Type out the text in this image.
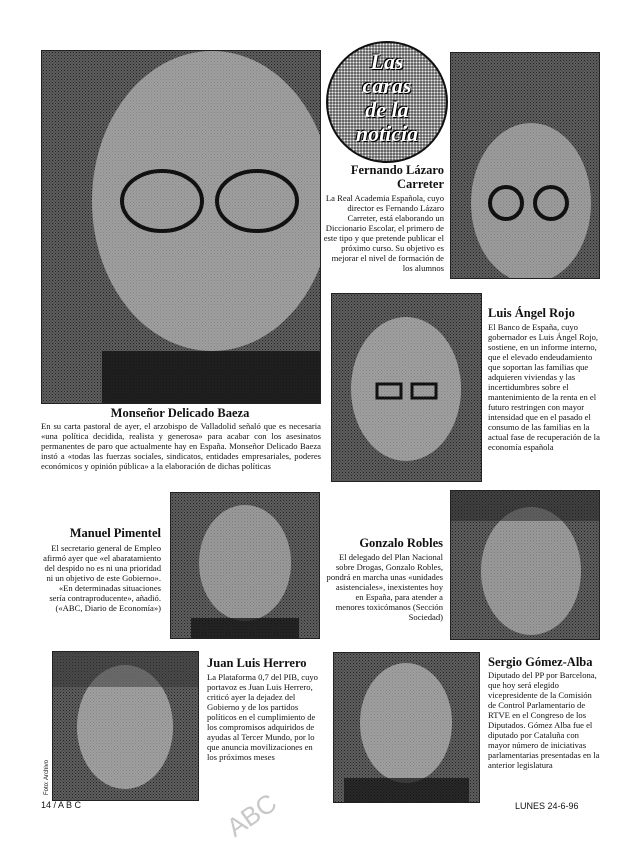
ABC
Monseñor Delicado Baeza

En su carta pastoral de ayer, el arzobispo de Valladolid señaló que es necesaria «una política decidida, realista y generosa» para acabar con los asesinatos permanentes de paro que actualmente hay en España. Monseñor Delicado Baeza instó a «todas las fuerzas sociales, sindicatos, entidades empresariales, poderes económicos y opinión pública» a la elaboración de dichas políticas

Las
caras
de la
noticia
Fernando Lázaro Carreter

La Real Academia Española, cuyo director es Fernando Lázaro Carreter, está elaborando un Diccionario Escolar, el primero de este tipo y que pretende publicar el próximo curso. Su objetivo es mejorar el nivel de formación de los alumnos

Luis Ángel Rojo

El Banco de España, cuyo gobernador es Luis Ángel Rojo, sostiene, en un informe interno, que el elevado endeudamiento que soportan las familias que adquieren viviendas y las incertidumbres sobre el mantenimiento de la renta en el futuro restringen con mayor intensidad que en el pasado el consumo de las familias en la actual fase de recuperación de la economía española

Manuel Pimentel

El secretario general de Empleo afirmó ayer que «el abaratamiento del despido no es ni una prioridad ni un objetivo de este Gobierno». «En determinadas situaciones sería contraproducente», añadió. («ABC, Diario de Economía»)

Gonzalo Robles

El delegado del Plan Nacional sobre Drogas, Gonzalo Robles, pondrá en marcha unas «unidades asistenciales», inexistentes hoy en España, para atender a menores toxicómanos (Sección Sociedad)

Juan Luis Herrero

La Plataforma 0,7 del PIB, cuyo portavoz es Juan Luis Herrero, criticó ayer la dejadez del Gobierno y de los partidos políticos en el cumplimiento de los compromisos adquiridos de ayudas al Tercer Mundo, por lo que anuncia movilizaciones en los próximos meses

Sergio Gómez-Alba

Diputado del PP por Barcelona, que hoy será elegido vicepresidente de la Comisión de Control Parlamentario de RTVE en el Congreso de los Diputados. Gómez Alba fue el diputado por Cataluña con mayor número de iniciativas parlamentarias presentadas en la anterior legislatura

Foto: Archivo
14 / A B C	LUNES 24-6-96
